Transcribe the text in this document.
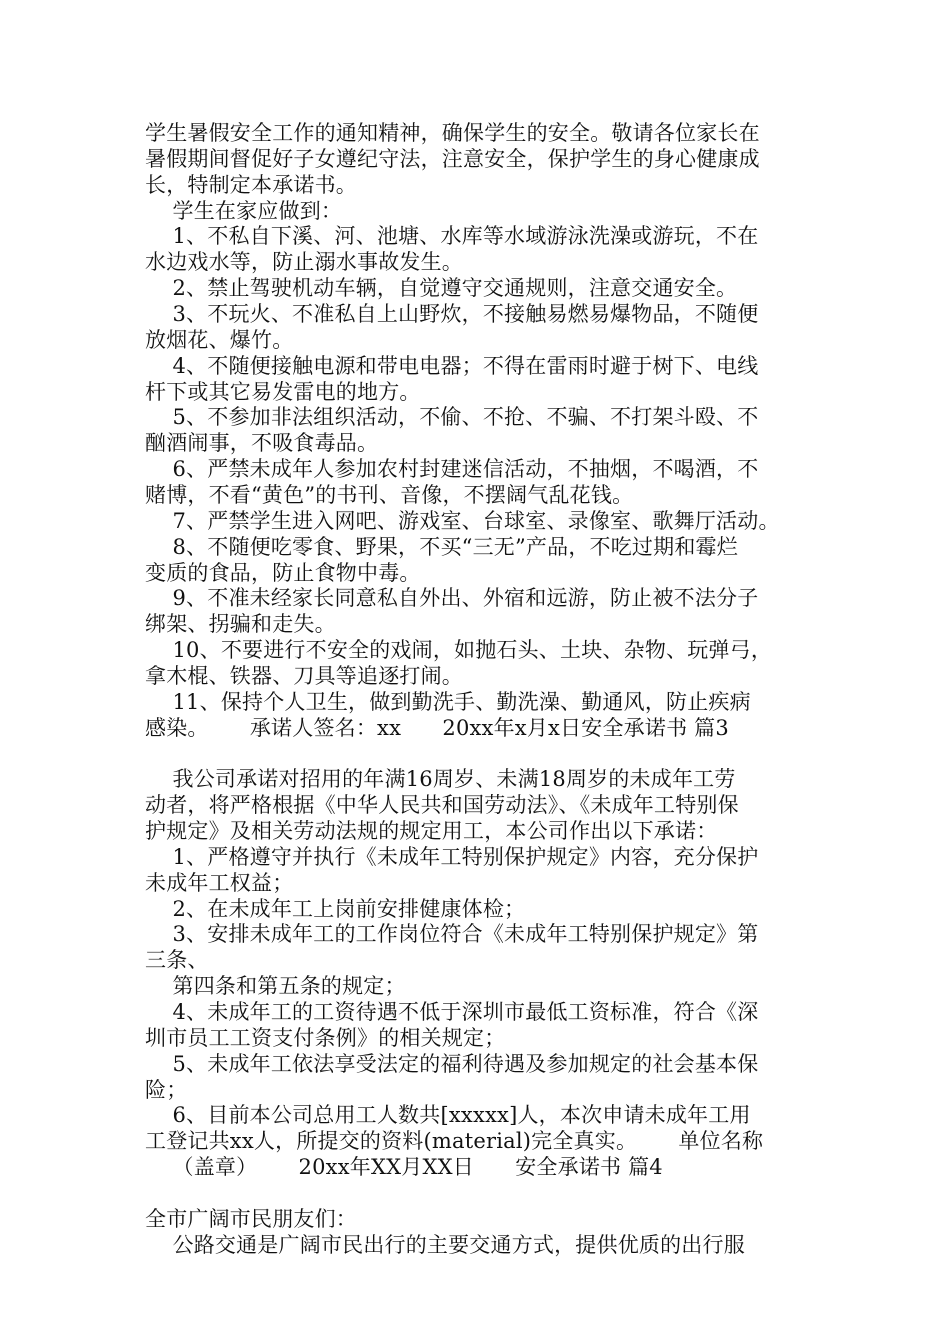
学生暑假安全工作的通知精神，确保学生的安全。敬请各位家长在
暑假期间督促好子女遵纪守法，注意安全，保护学生的身心健康成
长，特制定本承诺书。
学生在家应做到：
1、不私自下溪、河、池塘、水库等水域游泳洗澡或游玩，不在
水边戏水等，防止溺水事故发生。
2、禁止驾驶机动车辆，自觉遵守交通规则，注意交通安全。
3、不玩火、不准私自上山野炊，不接触易燃易爆物品，不随便
放烟花、爆竹。
4、不随便接触电源和带电电器；不得在雷雨时避于树下、电线
杆下或其它易发雷电的地方。
5、不参加非法组织活动，不偷、不抢、不骗、不打架斗殴、不
酗酒闹事，不吸食毒品。
6、严禁未成年人参加农村封建迷信活动，不抽烟，不喝酒，不
赌博，不看“黄色”的书刊、音像，不摆阔气乱花钱。
7、严禁学生进入网吧、游戏室、台球室、录像室、歌舞厅活动。
8、不随便吃零食、野果，不买“三无”产品，不吃过期和霉烂
变质的食品，防止食物中毒。
9、不准未经家长同意私自外出、外宿和远游，防止被不法分子
绑架、拐骗和走失。
10、不要进行不安全的戏闹，如抛石头、土块、杂物、玩弹弓，
拿木棍、铁器、刀具等追逐打闹。
11、保持个人卫生，做到勤洗手、勤洗澡、勤通风，防止疾病
感染。      承诺人签名：xx      20xx年x月x日安全承诺书 篇3
我公司承诺对招用的年满16周岁、未满18周岁的未成年工劳
动者，将严格根据《中华人民共和国劳动法》、《未成年工特别保
护规定》及相关劳动法规的规定用工，本公司作出以下承诺：
1、严格遵守并执行《未成年工特别保护规定》内容，充分保护
未成年工权益；
2、在未成年工上岗前安排健康体检；
3、安排未成年工的工作岗位符合《未成年工特别保护规定》第
三条、
第四条和第五条的规定；
4、未成年工的工资待遇不低于深圳市最低工资标准，符合《深
圳市员工工资支付条例》的相关规定；
5、未成年工依法享受法定的福利待遇及参加规定的社会基本保
险；
6、目前本公司总用工人数共[xxxxx]人，本次申请未成年工用
工登记共xx人，所提交的资料(material)完全真实。      单位名称
（盖章）      20xx年XX月XX日      安全承诺书 篇4
全市广阔市民朋友们：
公路交通是广阔市民出行的主要交通方式，提供优质的出行服
